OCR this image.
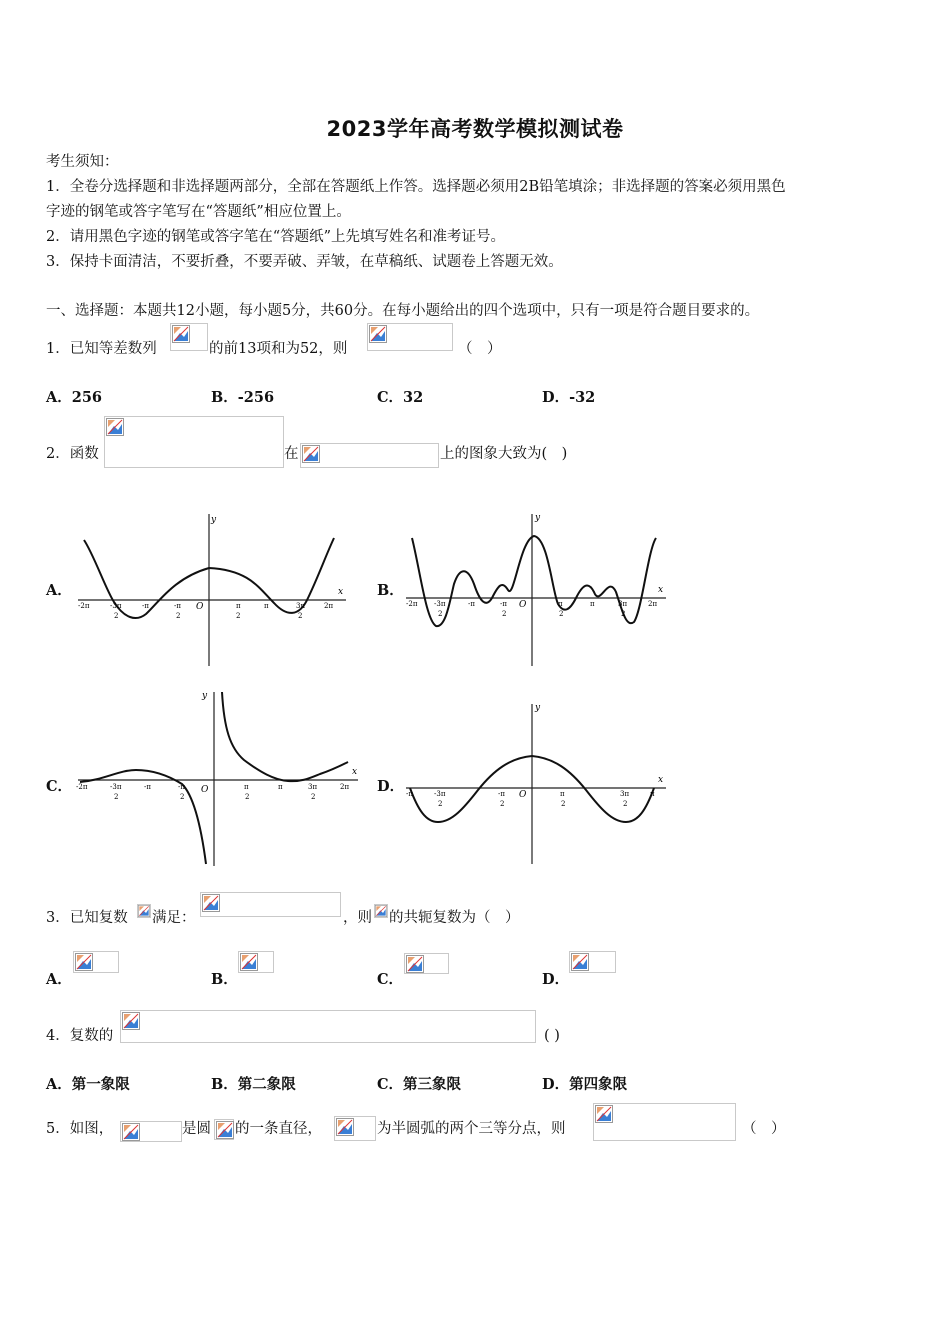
2023学年高考数学模拟测试卷
考生须知：
1．全卷分选择题和非选择题两部分，全部在答题纸上作答。选择题必须用2B铅笔填涂；非选择题的答案必须用黑色
字迹的钢笔或答字笔写在“答题纸”相应位置上。
2．请用黑色字迹的钢笔或答字笔在“答题纸”上先填写姓名和准考证号。
3．保持卡面清洁，不要折叠，不要弄破、弄皱，在草稿纸、试题卷上答题无效。
一、选择题：本题共12小题，每小题5分，共60分。在每小题给出的四个选项中，只有一项是符合题目要求的。
1．已知等差数列	的前13项和为52，则	（　）
A．256	B．-256	C．32	D．-32
2．函数	在	上的图象大致为(　)
A．
y
x
O
-2π	-π	2π
-π
2
π
2
π	3π
2
-3π
2
B．
y
x
O
-2π -3π
2
-π	-π
2
π
2
π	3π
2
2π
C．
y
x
O
-2π	-3π
2
-π	-π
2
π
2
π	3π
2
2π D．
y
x
O
-π	-3π
2
-π
2
π
2
3π
2
π
3．已知复数 满足：	，则 的共轭复数为（　）
A．	B．	C．	D．
4．复数的	( )
A．第一象限	B．第二象限	C．第三象限	D．第四象限
5．如图，	是圆 的一条直径，	为半圆弧的两个三等分点，则	（　）
